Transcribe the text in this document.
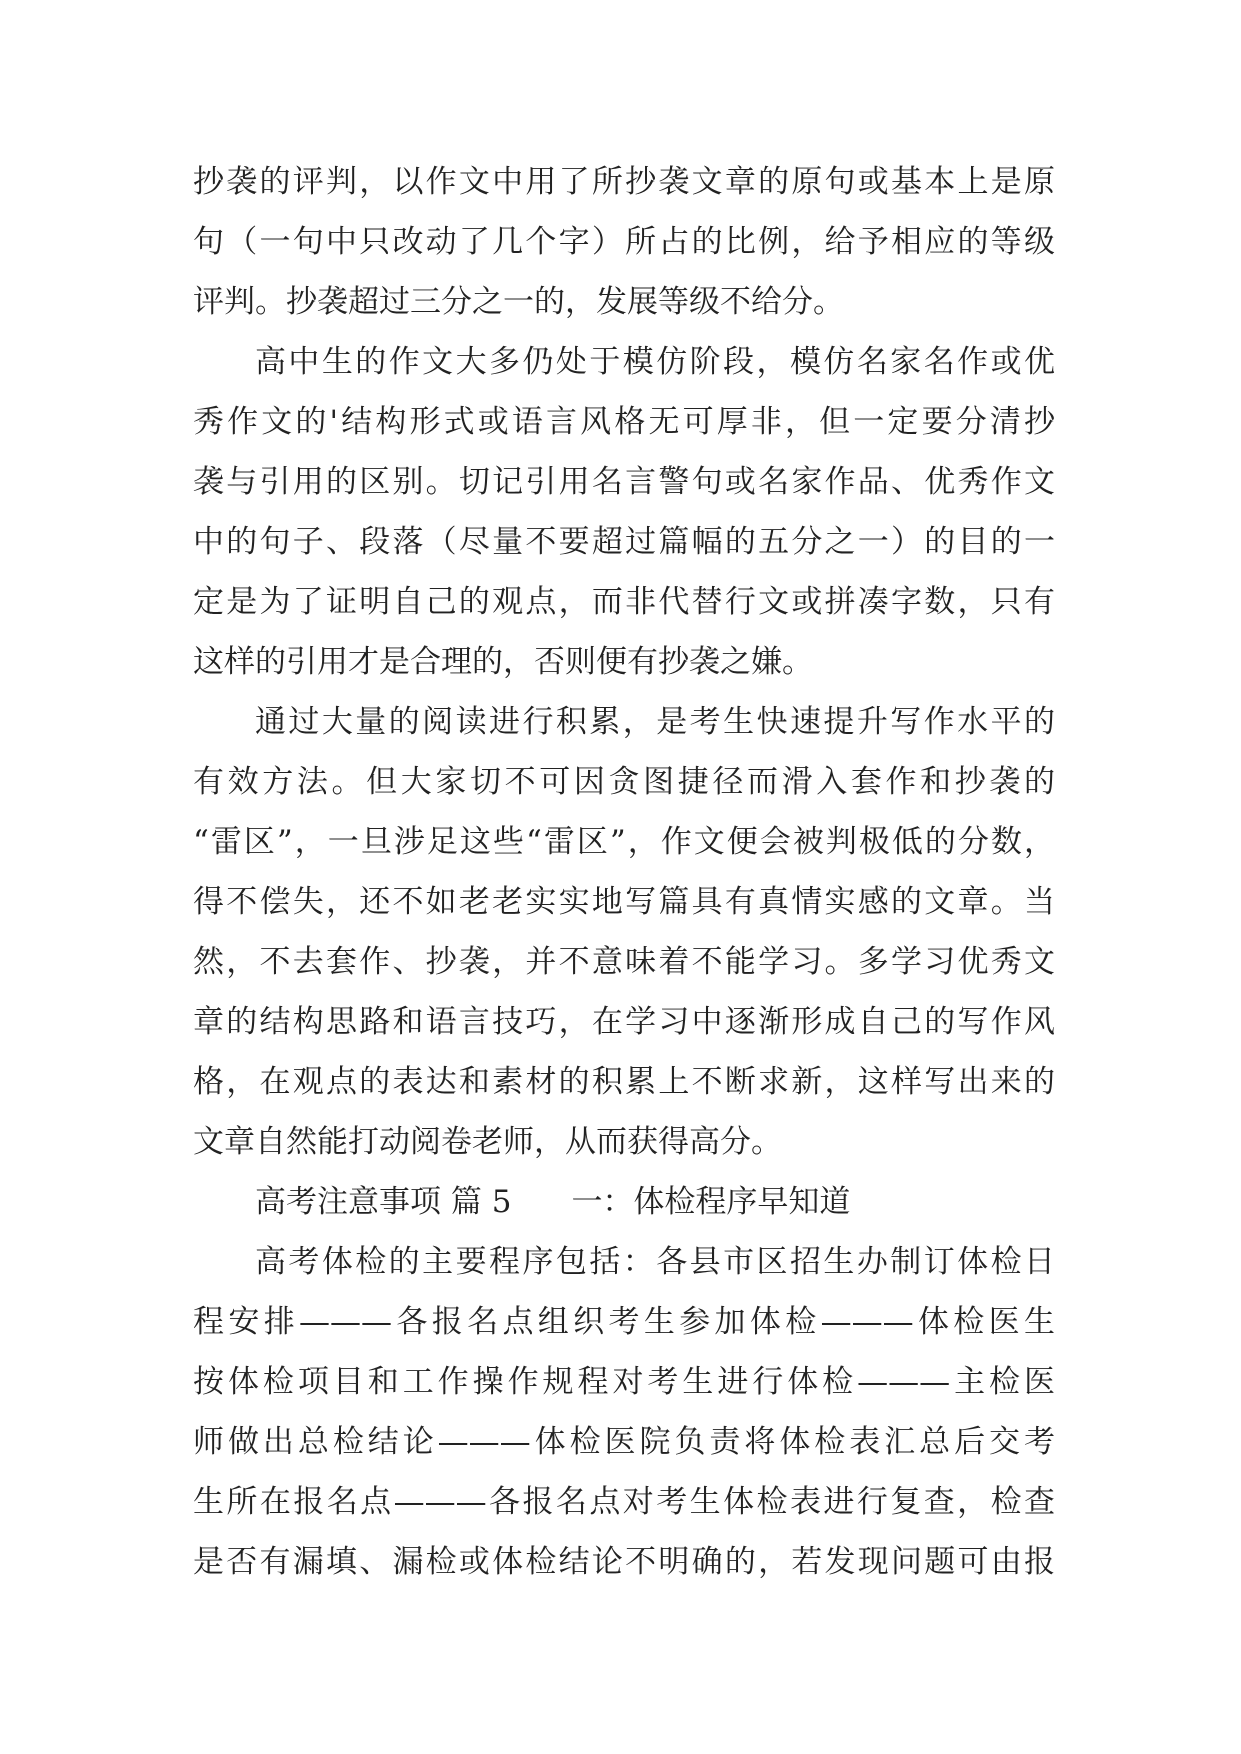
抄袭的评判，以作文中用了所抄袭文章的原句或基本上是原
句（一句中只改动了几个字）所占的比例，给予相应的等级
评判。抄袭超过三分之一的，发展等级不给分。
高中生的作文大多仍处于模仿阶段，模仿名家名作或优
秀作文的'结构形式或语言风格无可厚非，但一定要分清抄
袭与引用的区别。切记引用名言警句或名家作品、优秀作文
中的句子、段落（尽量不要超过篇幅的五分之一）的目的一
定是为了证明自己的观点，而非代替行文或拼凑字数，只有
这样的引用才是合理的，否则便有抄袭之嫌。
通过大量的阅读进行积累，是考生快速提升写作水平的
有效方法。但大家切不可因贪图捷径而滑入套作和抄袭的
“雷区”，一旦涉足这些“雷区”，作文便会被判极低的分数，
得不偿失，还不如老老实实地写篇具有真情实感的文章。当
然，不去套作、抄袭，并不意味着不能学习。多学习优秀文
章的结构思路和语言技巧，在学习中逐渐形成自己的写作风
格，在观点的表达和素材的积累上不断求新，这样写出来的
文章自然能打动阅卷老师，从而获得高分。
高考注意事项 篇 5 一：体检程序早知道
高考体检的主要程序包括：各县市区招生办制订体检日
程安排———各报名点组织考生参加体检———体检医生
按体检项目和工作操作规程对考生进行体检———主检医
师做出总检结论———体检医院负责将体检表汇总后交考
生所在报名点———各报名点对考生体检表进行复查，检查
是否有漏填、漏检或体检结论不明确的，若发现问题可由报
